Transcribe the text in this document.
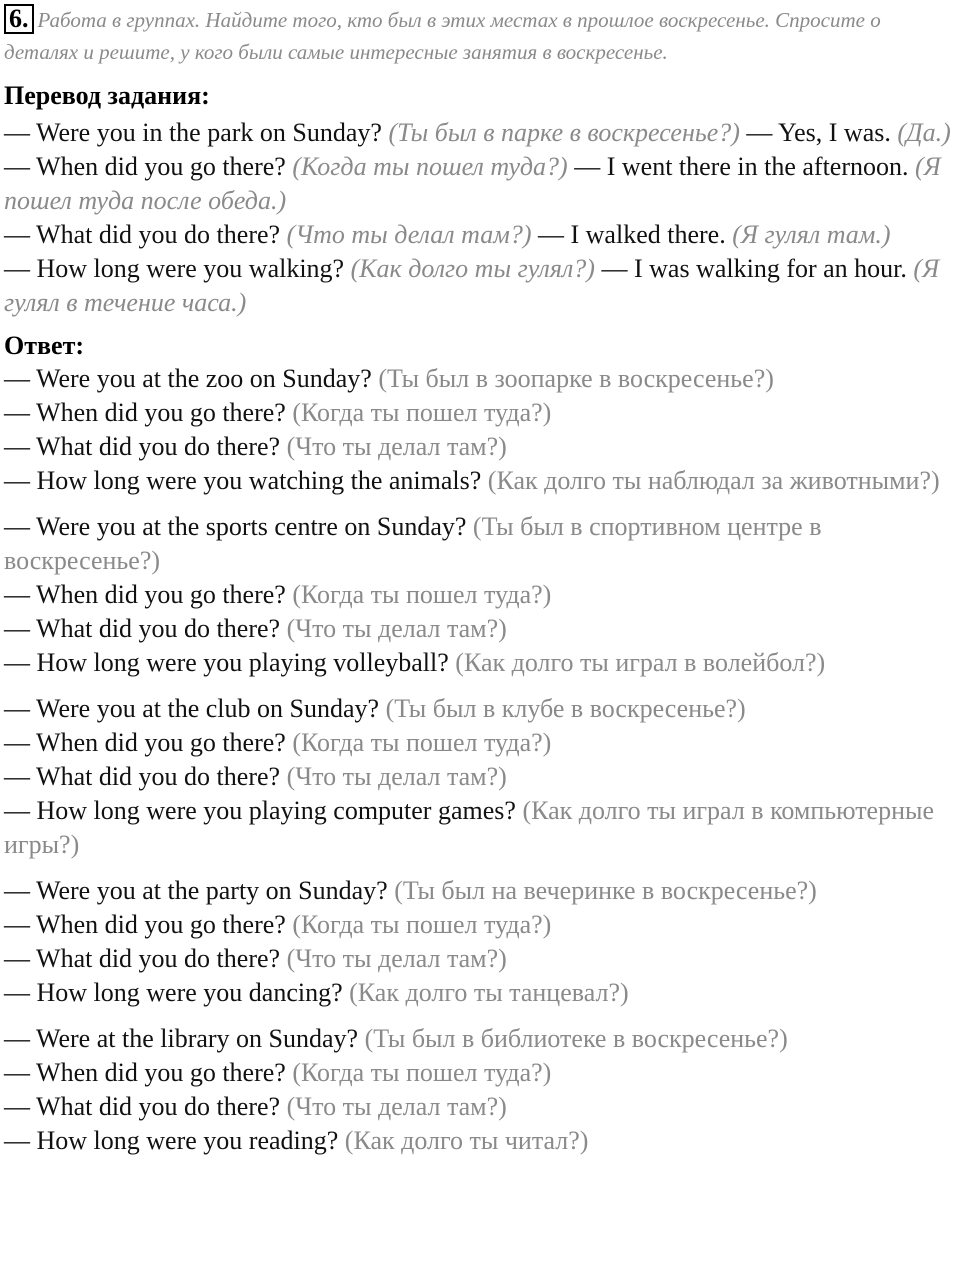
6. Работа в группах. Найдите того, кто был в этих местах в прошлое воскресенье. Спросите о деталях и решите, у кого были самые интересные занятия в воскресенье.
Перевод задания:
— Were you in the park on Sunday? (Ты был в парке в воскресенье?) — Yes, I was. (Да.)
— When did you go there? (Когда ты пошел туда?) — I went there in the afternoon. (Я пошел туда после обеда.)
— What did you do there? (Что ты делал там?) — I walked there. (Я гулял там.)
— How long were you walking? (Как долго ты гулял?) — I was walking for an hour. (Я гулял в течение часа.)
Ответ:
— Were you at the zoo on Sunday? (Ты был в зоопарке в воскресенье?)
— When did you go there? (Когда ты пошел туда?)
— What did you do there? (Что ты делал там?)
— How long were you watching the animals? (Как долго ты наблюдал за животными?)
— Were you at the sports centre on Sunday? (Ты был в спортивном центре в воскресенье?)
— When did you go there? (Когда ты пошел туда?)
— What did you do there? (Что ты делал там?)
— How long were you playing volleyball? (Как долго ты играл в волейбол?)
— Were you at the club on Sunday? (Ты был в клубе в воскресенье?)
— When did you go there? (Когда ты пошел туда?)
— What did you do there? (Что ты делал там?)
— How long were you playing computer games? (Как долго ты играл в компьютерные игры?)
— Were you at the party on Sunday? (Ты был на вечеринке в воскресенье?)
— When did you go there? (Когда ты пошел туда?)
— What did you do there? (Что ты делал там?)
— How long were you dancing? (Как долго ты танцевал?)
— Were at the library on Sunday? (Ты был в библиотеке в воскресенье?)
— When did you go there? (Когда ты пошел туда?)
— What did you do there? (Что ты делал там?)
— How long were you reading? (Как долго ты читал?)
